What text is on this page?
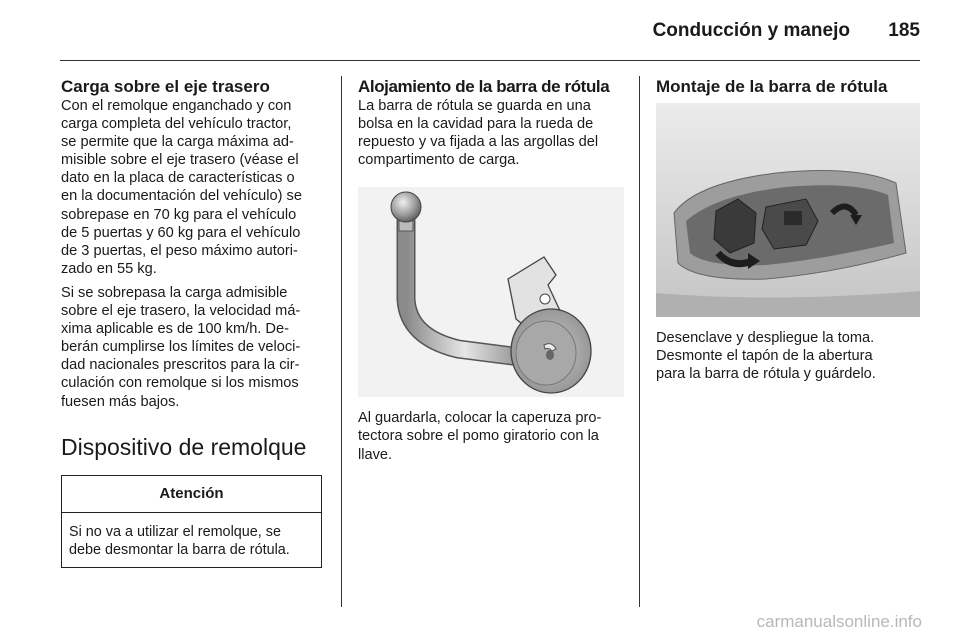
Conducción y manejo	185
Carga sobre el eje trasero

Con el remolque enganchado y con
carga completa del vehículo tractor,
se permite que la carga máxima ad-
misible sobre el eje trasero (véase el
dato en la placa de características o
en la documentación del vehículo) se
sobrepase en 70 kg para el vehículo
de 5 puertas y 60 kg para el vehículo
de 3 puertas, el peso máximo autori-
zado en 55 kg.

Si se sobrepasa la carga admisible
sobre el eje trasero, la velocidad má-
xima aplicable es de 100 km/h. De-
berán cumplirse los límites de veloci-
dad nacionales prescritos para la cir-
culación con remolque si los mismos
fuesen más bajos.

Dispositivo de remolque
Atención
Si no va a utilizar el remolque, se
debe desmontar la barra de rótula.
Alojamiento de la barra de rótula

La barra de rótula se guarda en una
bolsa en la cavidad para la rueda de
repuesto y va fijada a las argollas del
compartimento de carga.

Al guardarla, colocar la caperuza pro-
tectora sobre el pomo giratorio con la
llave.

Montaje de la barra de rótula

Desenclave y despliegue la toma.
Desmonte el tapón de la abertura
para la barra de rótula y guárdelo.

carmanualsonline.info
